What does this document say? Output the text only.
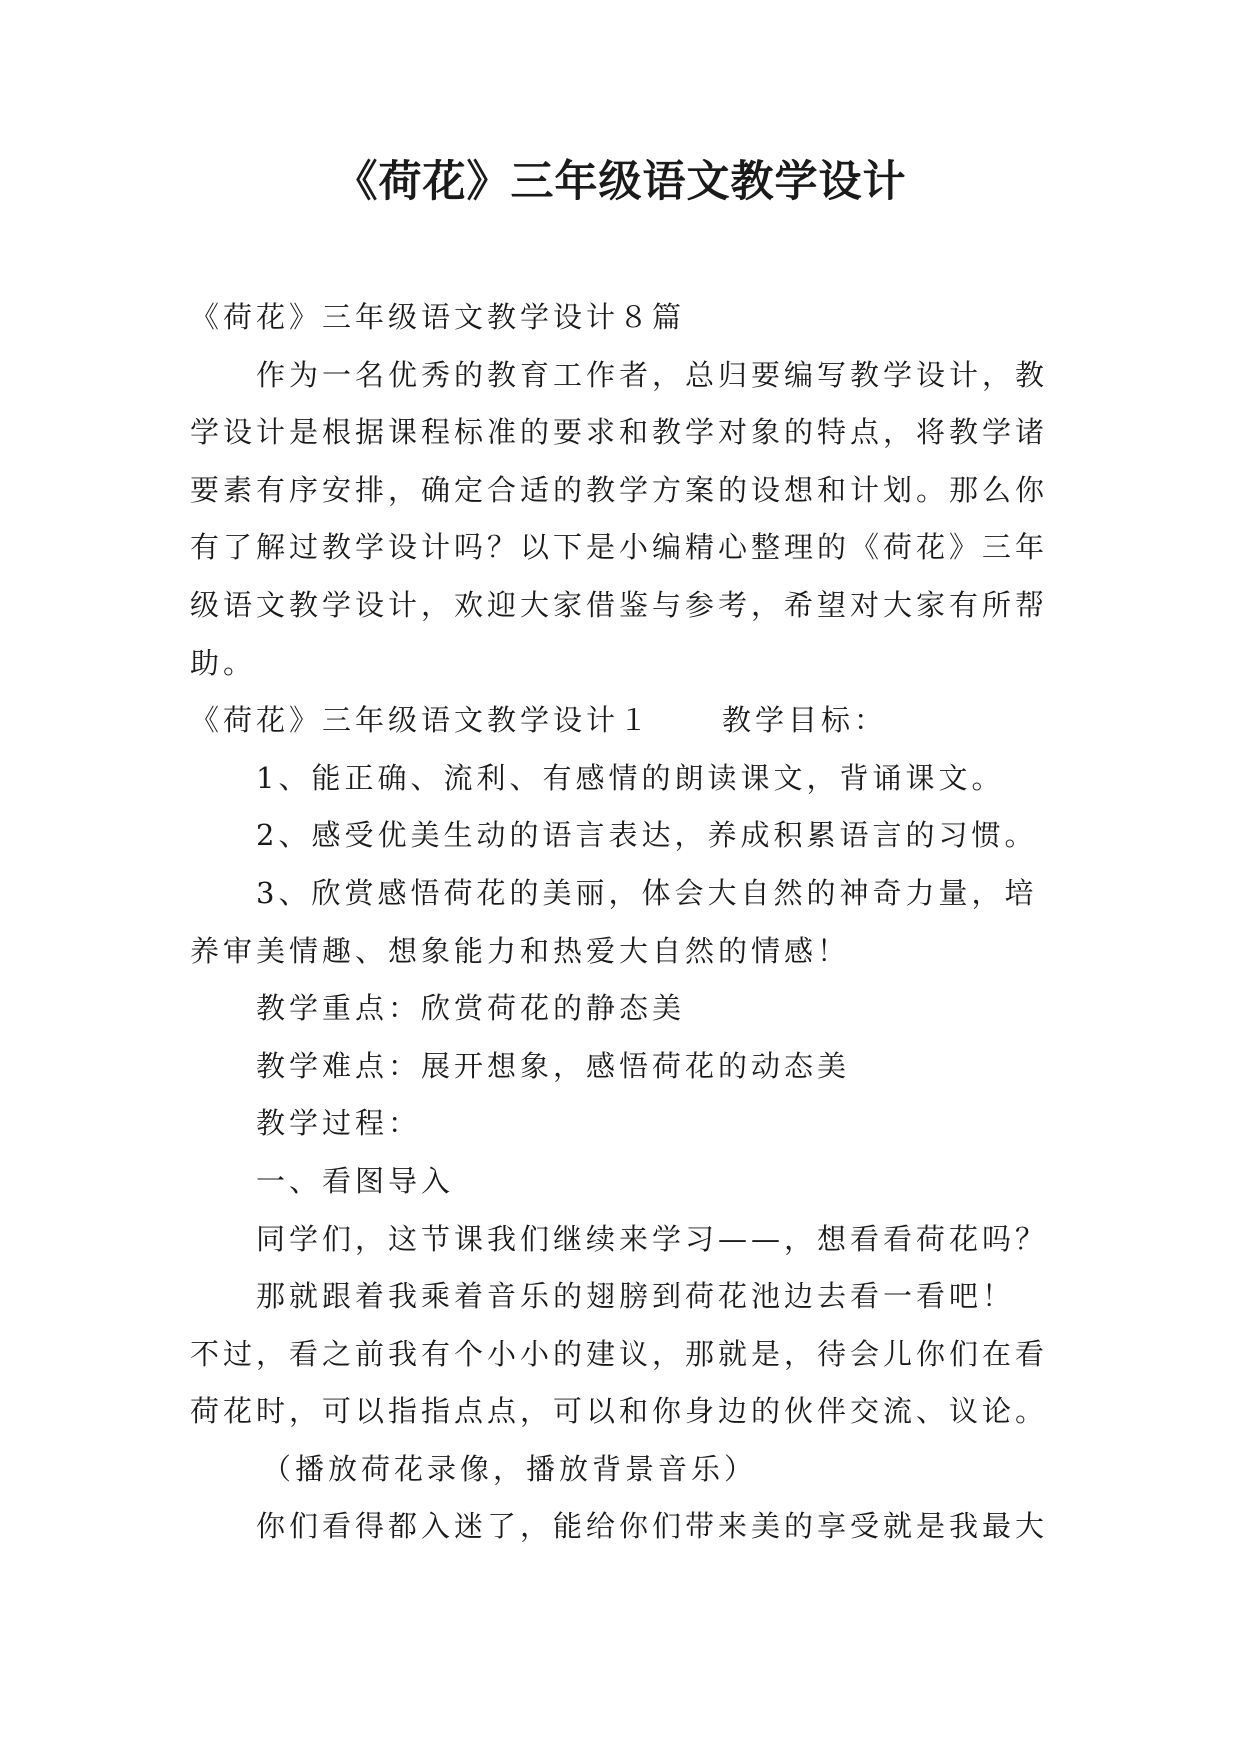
《荷花》三年级语文教学设计

《荷花》三年级语文教学设计８篇

作为一名优秀的教育工作者，总归要编写教学设计，教

学设计是根据课程标准的要求和教学对象的特点，将教学诸

要素有序安排，确定合适的教学方案的设想和计划。那么你

有了解过教学设计吗？以下是小编精心整理的《荷花》三年

级语文教学设计，欢迎大家借鉴与参考，希望对大家有所帮

助。

《荷花》三年级语文教学设计１ 教学目标：

1、能正确、流利、有感情的朗读课文，背诵课文。

2、感受优美生动的语言表达，养成积累语言的习惯。

3、欣赏感悟荷花的美丽，体会大自然的神奇力量，培

养审美情趣、想象能力和热爱大自然的情感！

教学重点：欣赏荷花的静态美

教学难点：展开想象，感悟荷花的动态美

教学过程：

一、看图导入

同学们，这节课我们继续来学习——，想看看荷花吗？

那就跟着我乘着音乐的翅膀到荷花池边去看一看吧！

不过，看之前我有个小小的建议，那就是，待会儿你们在看

荷花时，可以指指点点，可以和你身边的伙伴交流、议论。

（播放荷花录像，播放背景音乐）

你们看得都入迷了，能给你们带来美的享受就是我最大
